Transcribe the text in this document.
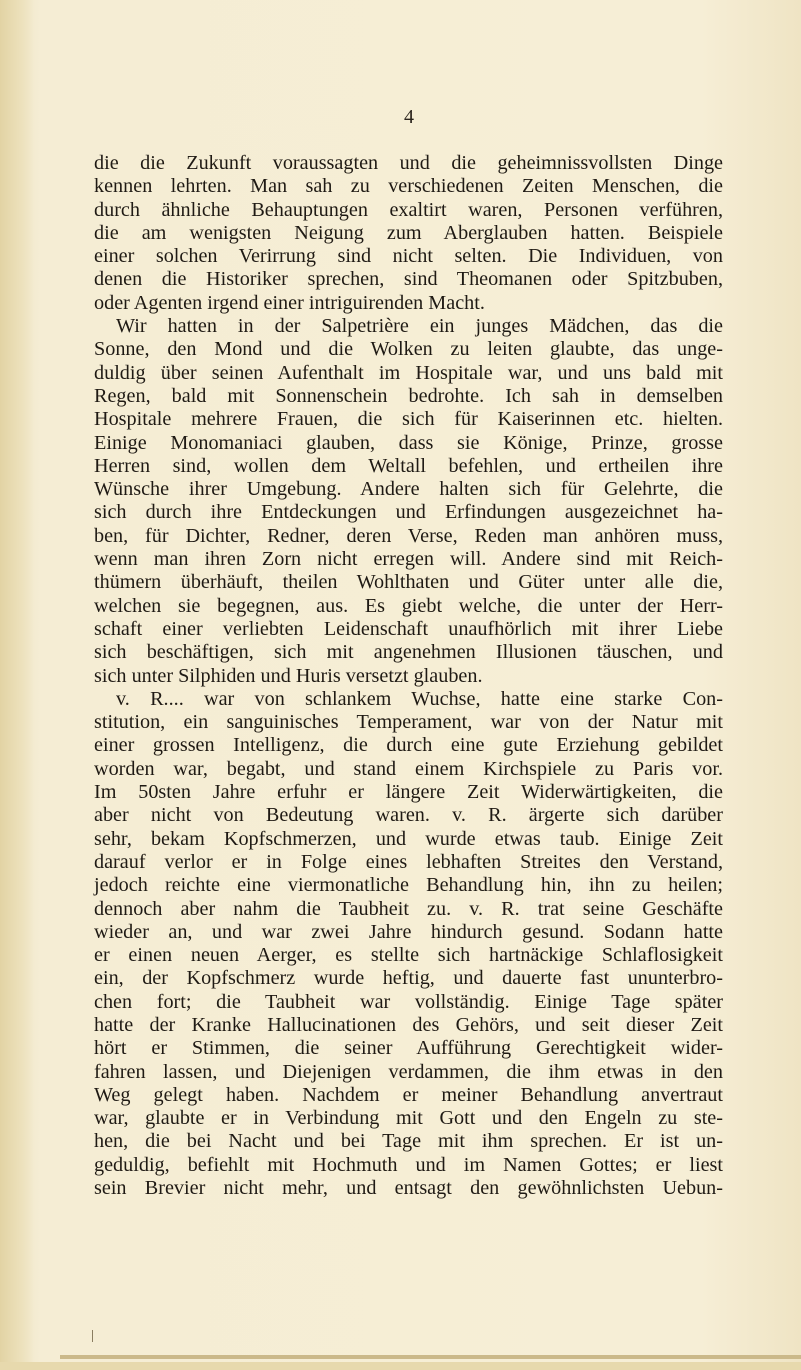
4
die die Zukunft voraussagten und die geheimnissvollsten Dinge
kennen lehrten. Man sah zu verschiedenen Zeiten Menschen, die
durch ähnliche Behauptungen exaltirt waren, Personen verführen,
die am wenigsten Neigung zum Aberglauben hatten. Beispiele
einer solchen Verirrung sind nicht selten. Die Individuen, von
denen die Historiker sprechen, sind Theomanen oder Spitzbuben,
oder Agenten irgend einer intriguirenden Macht.
Wir hatten in der Salpetrière ein junges Mädchen, das die
Sonne, den Mond und die Wolken zu leiten glaubte, das unge-
duldig über seinen Aufenthalt im Hospitale war, und uns bald mit
Regen, bald mit Sonnenschein bedrohte. Ich sah in demselben
Hospitale mehrere Frauen, die sich für Kaiserinnen etc. hielten.
Einige Monomaniaci glauben, dass sie Könige, Prinze, grosse
Herren sind, wollen dem Weltall befehlen, und ertheilen ihre
Wünsche ihrer Umgebung. Andere halten sich für Gelehrte, die
sich durch ihre Entdeckungen und Erfindungen ausgezeichnet ha-
ben, für Dichter, Redner, deren Verse, Reden man anhören muss,
wenn man ihren Zorn nicht erregen will. Andere sind mit Reich-
thümern überhäuft, theilen Wohlthaten und Güter unter alle die,
welchen sie begegnen, aus. Es giebt welche, die unter der Herr-
schaft einer verliebten Leidenschaft unaufhörlich mit ihrer Liebe
sich beschäftigen, sich mit angenehmen Illusionen täuschen, und
sich unter Silphiden und Huris versetzt glauben.
v. R.... war von schlankem Wuchse, hatte eine starke Con-
stitution, ein sanguinisches Temperament, war von der Natur mit
einer grossen Intelligenz, die durch eine gute Erziehung gebildet
worden war, begabt, und stand einem Kirchspiele zu Paris vor.
Im 50sten Jahre erfuhr er längere Zeit Widerwärtigkeiten, die
aber nicht von Bedeutung waren. v. R. ärgerte sich darüber
sehr, bekam Kopfschmerzen, und wurde etwas taub. Einige Zeit
darauf verlor er in Folge eines lebhaften Streites den Verstand,
jedoch reichte eine viermonatliche Behandlung hin, ihn zu heilen;
dennoch aber nahm die Taubheit zu. v. R. trat seine Geschäfte
wieder an, und war zwei Jahre hindurch gesund. Sodann hatte
er einen neuen Aerger, es stellte sich hartnäckige Schlaflosigkeit
ein, der Kopfschmerz wurde heftig, und dauerte fast ununterbro-
chen fort; die Taubheit war vollständig. Einige Tage später
hatte der Kranke Hallucinationen des Gehörs, und seit dieser Zeit
hört er Stimmen, die seiner Aufführung Gerechtigkeit wider-
fahren lassen, und Diejenigen verdammen, die ihm etwas in den
Weg gelegt haben. Nachdem er meiner Behandlung anvertraut
war, glaubte er in Verbindung mit Gott und den Engeln zu ste-
hen, die bei Nacht und bei Tage mit ihm sprechen. Er ist un-
geduldig, befiehlt mit Hochmuth und im Namen Gottes; er liest
sein Brevier nicht mehr, und entsagt den gewöhnlichsten Uebun-
